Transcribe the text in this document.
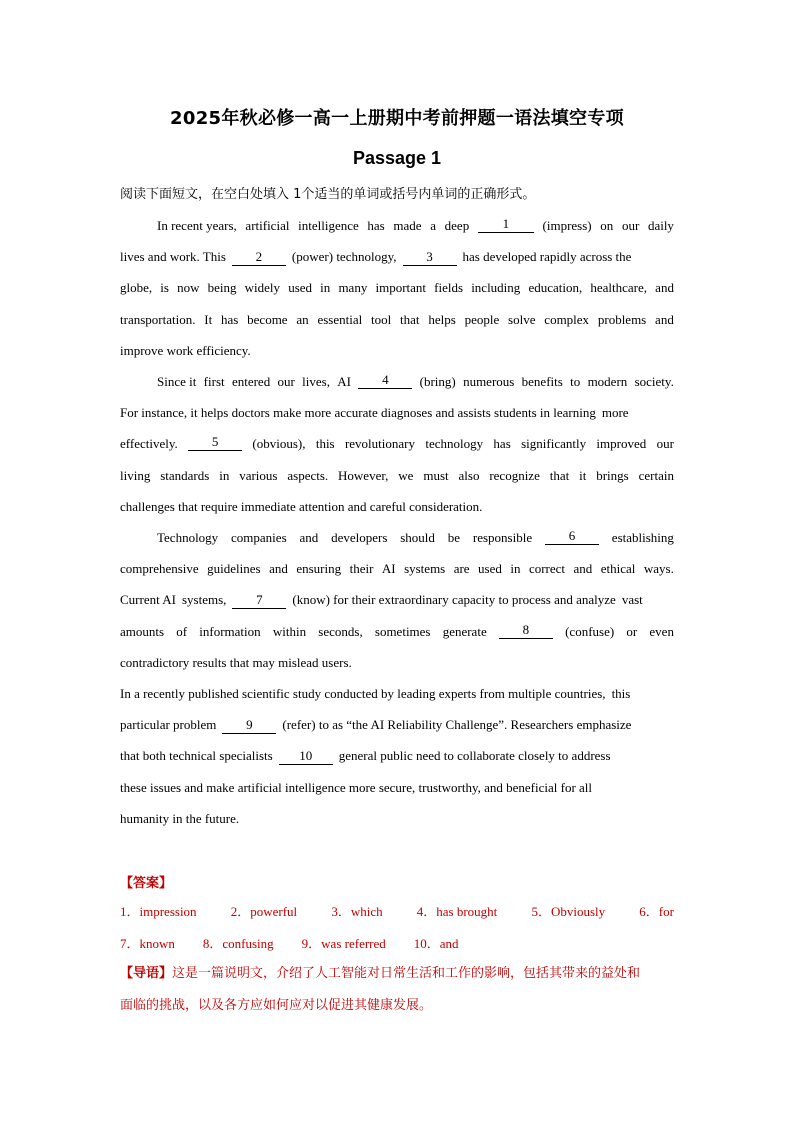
2025年秋必修一高一上册期中考前押题一语法填空专项
Passage 1
阅读下面短文，在空白处填入 1个适当的单词或括号内单词的正确形式。
In recent years, artificial intelligence has made a deep	1	(impress) on our daily
lives and work. This 2 (power) technology, 3 has developed rapidly across the
globe, is now being widely used in many important fields including education, healthcare, and
transportation. It has become an essential tool that helps people solve complex problems and
improve work efficiency.
Since it first entered our lives, AI	4	(bring) numerous benefits to modern society.
For instance, it helps doctors make more accurate diagnoses and assists students in learning more
effectively.	5	(obvious), this revolutionary technology has significantly improved our
living standards in various aspects. However, we must also recognize that it brings certain
challenges that require immediate attention and careful consideration.
Technology companies and developers should be responsible	6	establishing
comprehensive guidelines and ensuring their AI systems are used in correct and ethical ways.
Current AI systems, 7 (know) for their extraordinary capacity to process and analyze vast
amounts of information within seconds, sometimes generate	8	(confuse) or even
contradictory results that may mislead users.
In a recently published scientific study conducted by leading experts from multiple countries, this
particular problem 9 (refer) to as “the AI Reliability Challenge”. Researchers emphasize
that both technical specialists 10 general public need to collaborate closely to address
these issues and make artificial intelligence more secure, trustworthy, and beneficial for all
humanity in the future.
【答案】
1．impression	2．powerful	3．which	4．has brought	5．Obviously	6．for
7．known 8．confusing 9．was referred 10．and
【导语】这是一篇说明文，介绍了人工智能对日常生活和工作的影响，包括其带来的益处和
面临的挑战，以及各方应如何应对以促进其健康发展。
